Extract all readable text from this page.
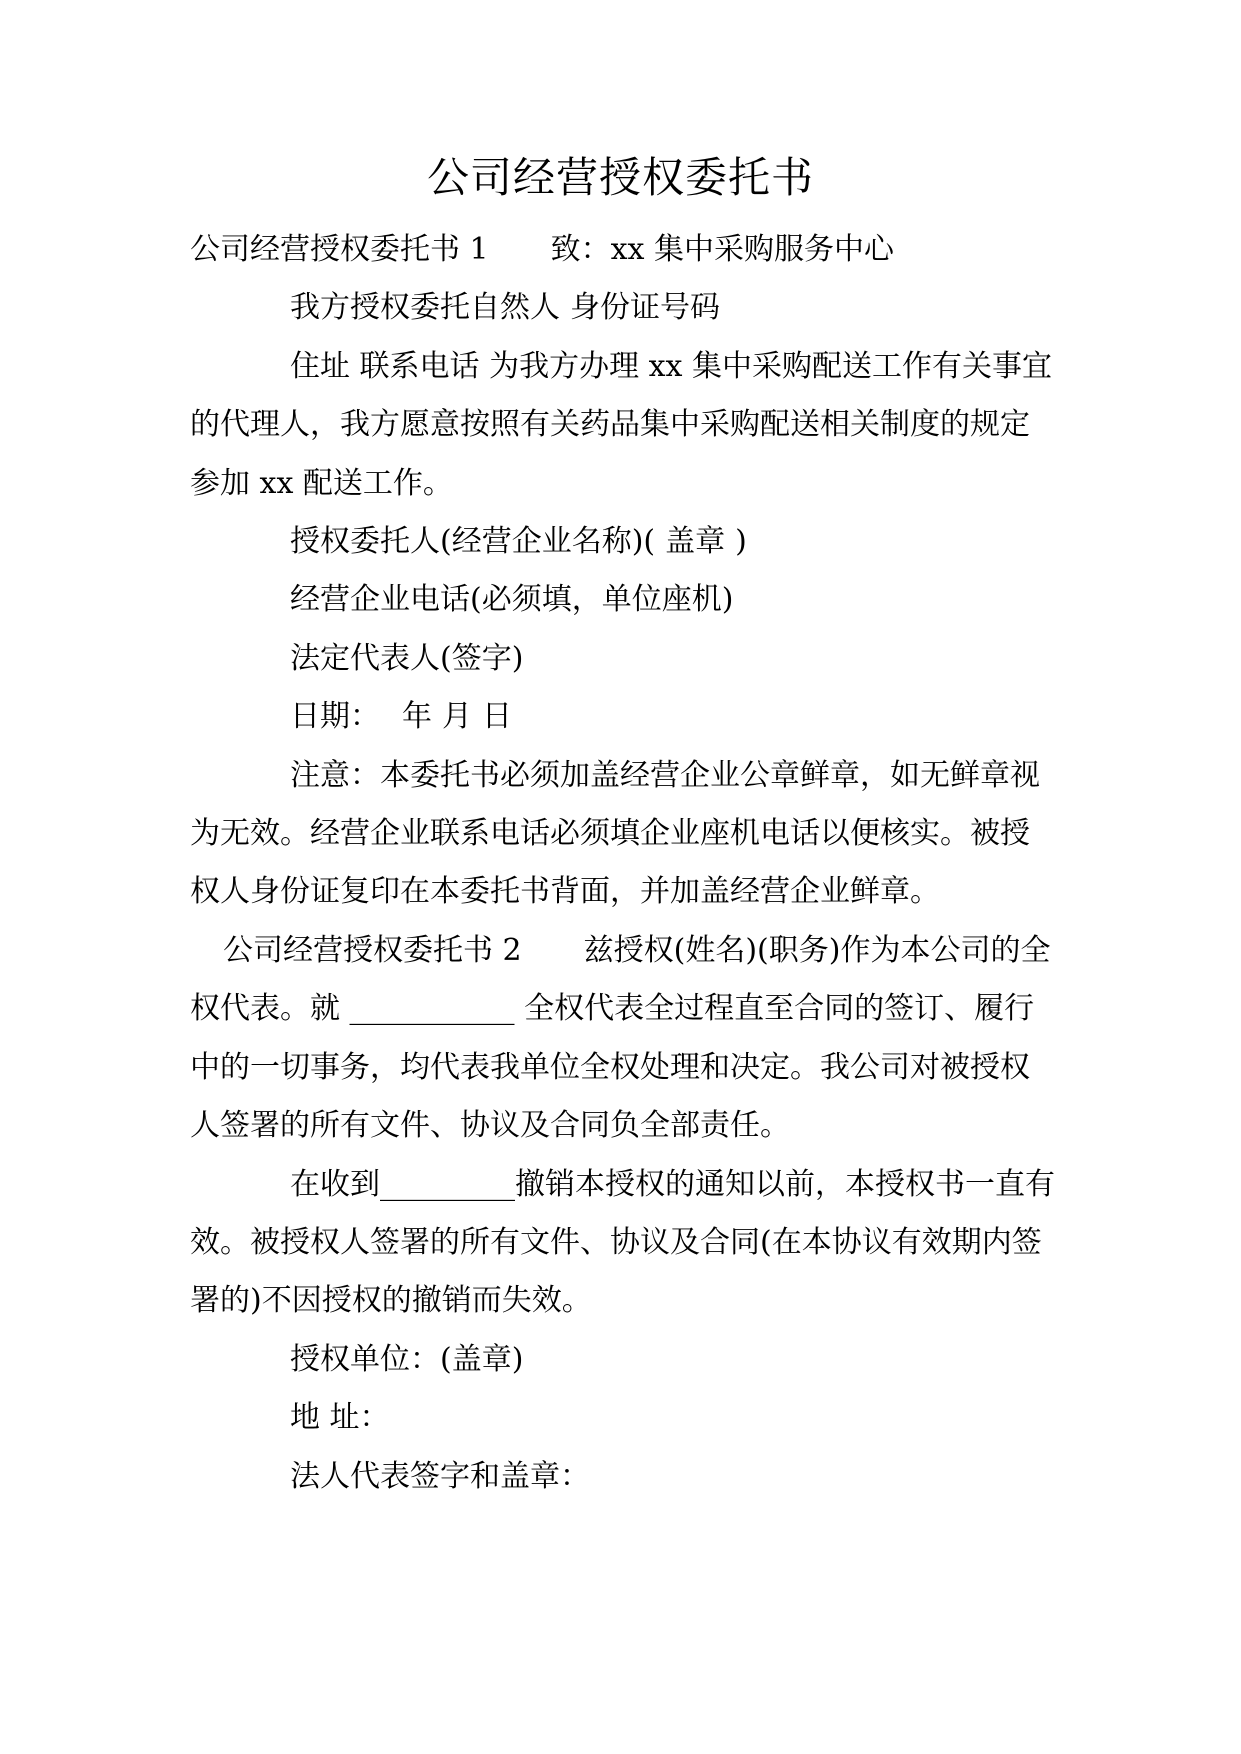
公司经营授权委托书

公司经营授权委托书 1 致：xx 集中采购服务中心

我方授权委托自然人 身份证号码

住址 联系电话 为我方办理 xx 集中采购配送工作有关事宜的代理人，我方愿意按照有关药品集中采购配送相关制度的规定参加 xx 配送工作。

授权委托人(经营企业名称)( 盖章 )

经营企业电话(必须填，单位座机)

法定代表人(签字)

日期： 年 月 日

注意：本委托书必须加盖经营企业公章鲜章，如无鲜章视为无效。经营企业联系电话必须填企业座机电话以便核实。被授权人身份证复印在本委托书背面，并加盖经营企业鲜章。

公司经营授权委托书 2 兹授权(姓名)(职务)作为本公司的全权代表。就 ___________ 全权代表全过程直至合同的签订、履行中的一切事务，均代表我单位全权处理和决定。我公司对被授权人签署的所有文件、协议及合同负全部责任。

在收到_________撤销本授权的通知以前，本授权书一直有效。被授权人签署的所有文件、协议及合同(在本协议有效期内签署的)不因授权的撤销而失效。

授权单位：(盖章)

地 址：

法人代表签字和盖章：
